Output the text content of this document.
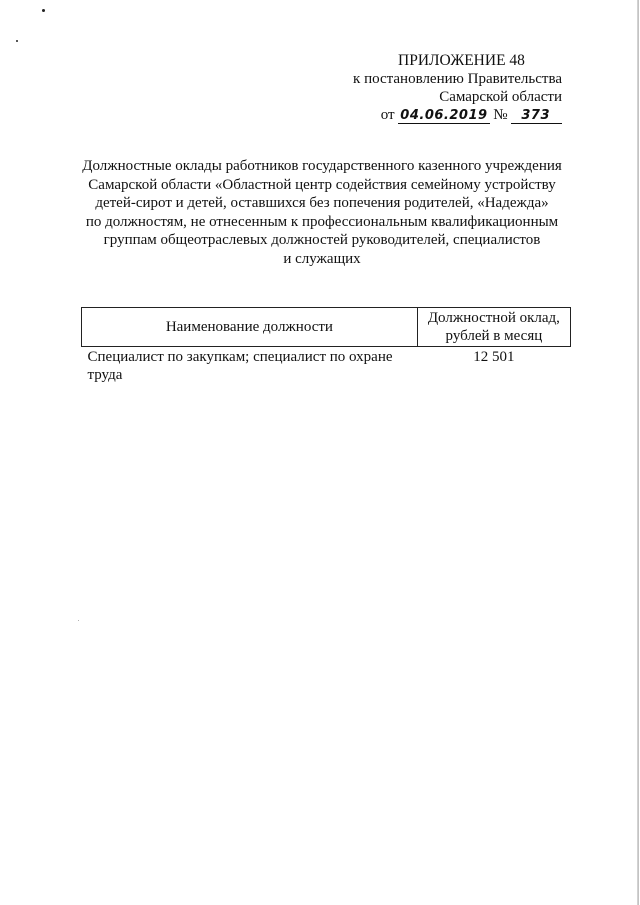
ПРИЛОЖЕНИЕ 48
к постановлению Правительства
Самарской области
от 04.06.2019 № 373
Должностные оклады работников государственного казенного учреждения
Самарской области «Областной центр содействия семейному устройству
детей-сирот и детей, оставшихся без попечения родителей, «Надежда»
по должностям, не отнесенным к профессиональным квалификационным
группам общеотраслевых должностей руководителей, специалистов
и служащих
Наименование должности	Должностной оклад,
рублей в месяц

Специалист по закупкам; специалист по охране труда	12 501
